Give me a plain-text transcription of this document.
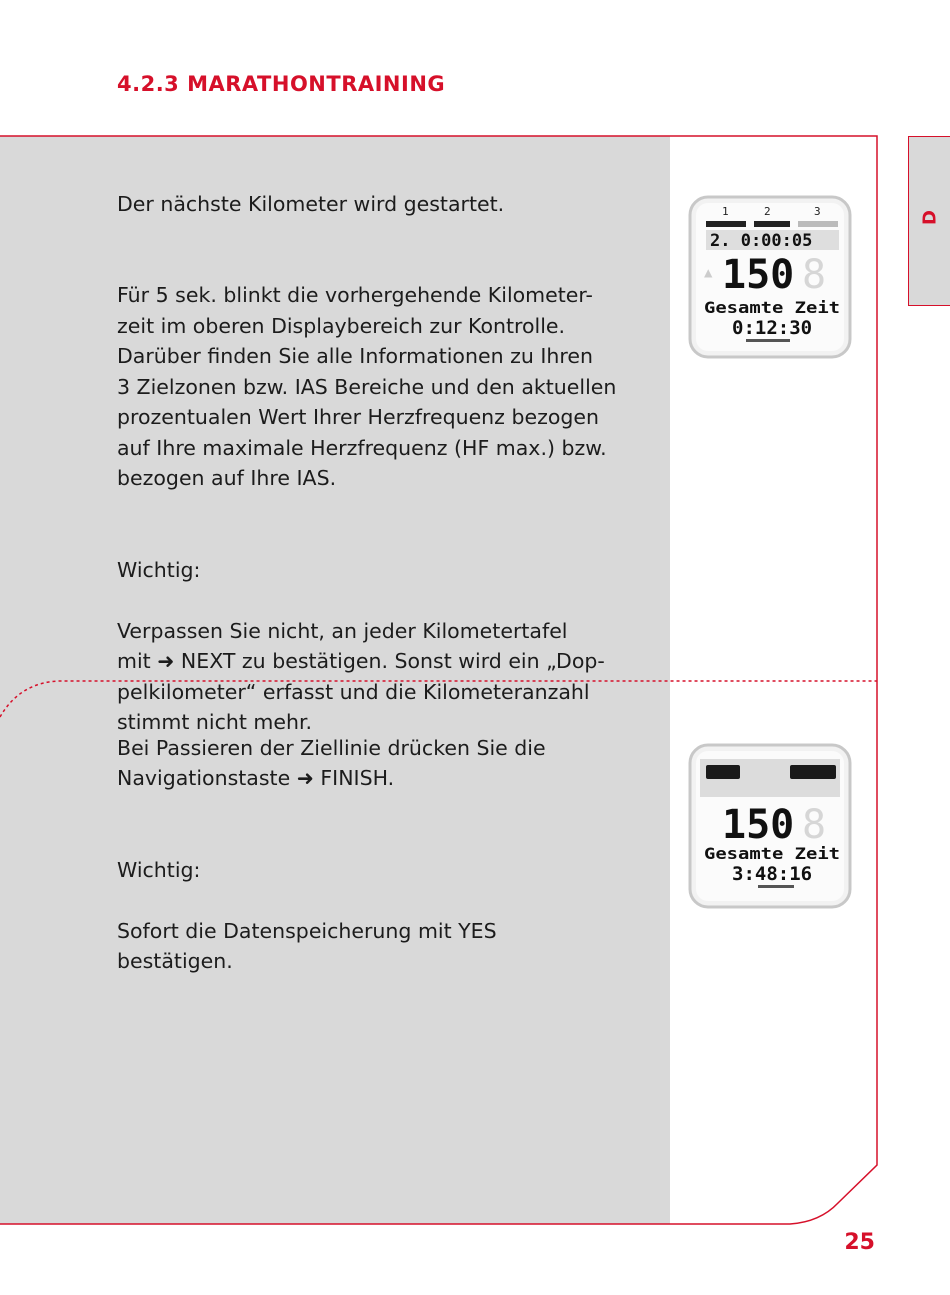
4.2.3 MARATHONTRAINING
D

Der nächste Kilometer wird gestartet.

Für 5 sek. blinkt die vorhergehende Kilometer-
zeit im oberen Displaybereich zur Kontrolle.
Darüber finden Sie alle Informationen zu Ihren
3 Zielzonen bzw. IAS Bereiche und den aktuellen
prozentualen Wert Ihrer Herzfrequenz bezogen
auf Ihre maximale Herzfrequenz (HF max.) bzw.
bezogen auf Ihre IAS.

Wichtig:

Verpassen Sie nicht, an jeder Kilometertafel
mit ➜ NEXT zu bestätigen. Sonst wird ein „Dop-
pelkilometer“ erfasst und die Kilometeranzahl
stimmt nicht mehr.

Bei Passieren der Ziellinie drücken Sie die
Navigationstaste ➜ FINISH.

Wichtig:

Sofort die Datenspeicherung mit YES
bestätigen.

1	2	3
2. 0:00:05
150 8
▲
Gesamte Zeit
0:12:30
150 8
Gesamte Zeit
3:48:16
25
